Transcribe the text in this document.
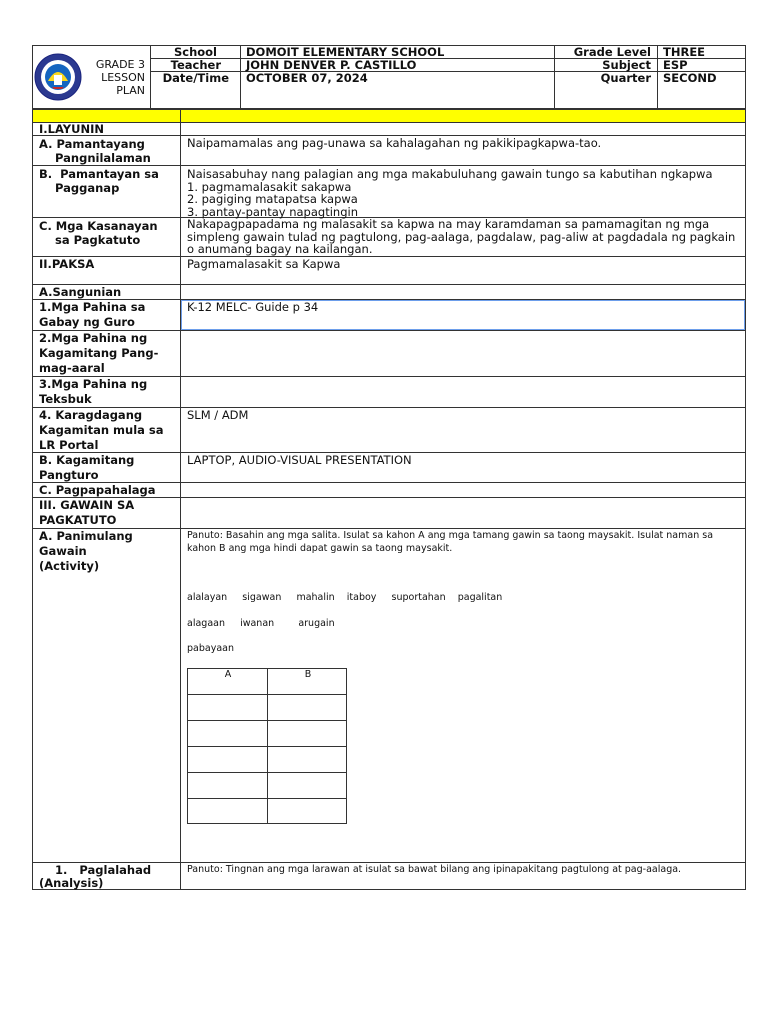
GRADE 3
LESSON
PLAN
School
Teacher
Date/Time
DOMOIT ELEMENTARY SCHOOL
JOHN DENVER P. CASTILLO
OCTOBER 07, 2024
Grade Level
Subject
Quarter
THREE
ESP
SECOND
I.LAYUNIN
A. Pamantayang
Pangnilalaman
Naipamamalas ang pag-unawa sa kahalagahan ng pakikipagkapwa-tao.
B.  Pamantayan sa
Pagganap
Naisasabuhay nang palagian ang mga makabuluhang gawain tungo sa kabutihan ngkapwa
1. pagmamalasakit sakapwa
2. pagiging matapatsa kapwa
3. pantay-pantay napagtingin
C. Mga Kasanayan
sa Pagkatuto
Nakapagpapadama ng malasakit sa kapwa na may karamdaman sa pamamagitan ng mga simpleng gawain tulad ng pagtulong, pag-aalaga, pagdalaw, pag-aliw at pagdadala ng pagkain o anumang bagay na kailangan.
II.PAKSA	Pagmamalasakit sa Kapwa
A.Sangunian
1.Mga Pahina sa
Gabay ng Guro
K-12 MELC- Guide p 34
2.Mga Pahina ng
Kagamitang Pang-
mag-aaral
3.Mga Pahina ng
Teksbuk
4. Karagdagang
Kagamitan mula sa
LR Portal
SLM / ADM
B. Kagamitang
Pangturo
LAPTOP, AUDIO-VISUAL PRESENTATION
C. Pagpapahalaga
III. GAWAIN SA
PAGKATUTO
A. Panimulang
Gawain
(Activity)
Panuto: Basahin ang mga salita. Isulat sa kahon A ang mga tamang gawin sa taong maysakit. Isulat naman sa kahon B ang mga hindi dapat gawin sa taong maysakit.
alalayan     sigawan     mahalin    itaboy     suportahan    pagalitan
alagaan     iwanan        arugain
pabayaan
A	B
1.   Paglalahad
(Analysis)
Panuto: Tingnan ang mga larawan at isulat sa bawat bilang ang ipinapakitang pagtulong at pag-aalaga.
